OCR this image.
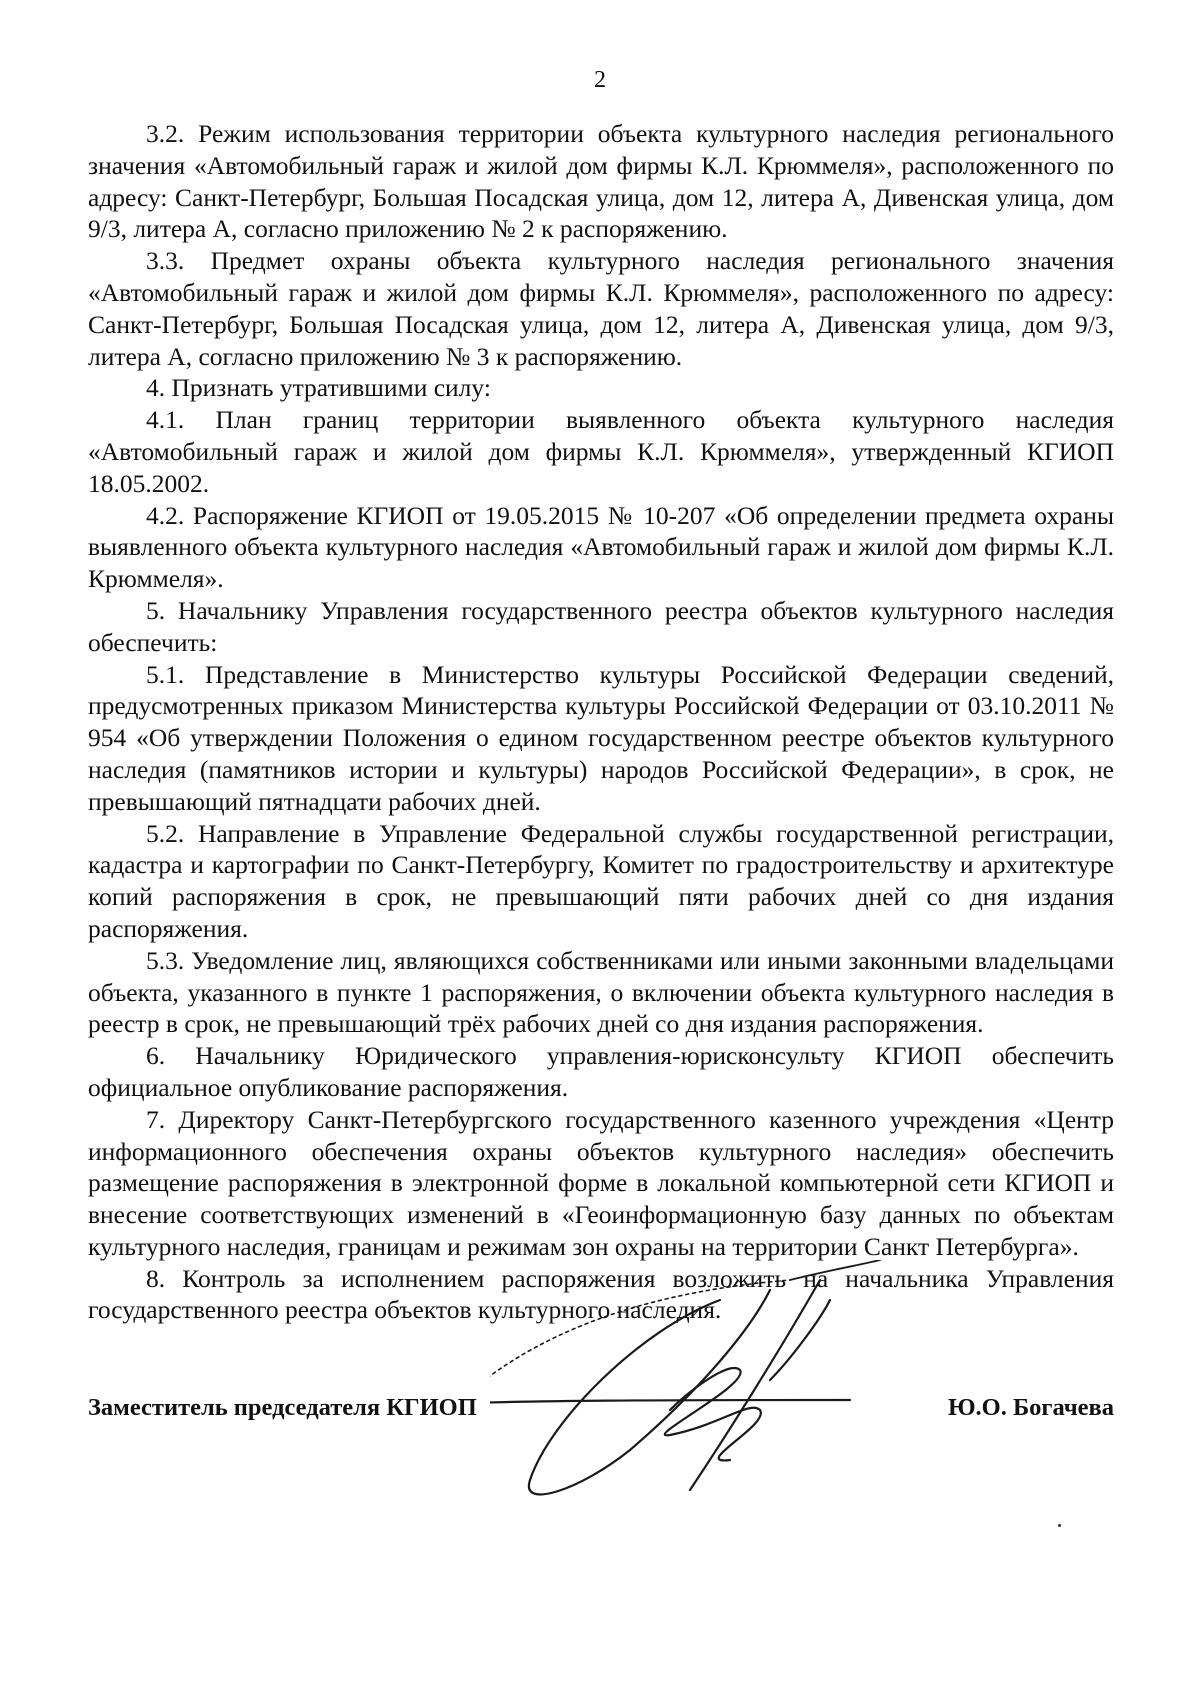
2

3.2. Режим использования территории объекта культурного наследия регионального значения «Автомобильный гараж и жилой дом фирмы К.Л. Крюммеля», расположенного по адресу: Санкт-Петербург, Большая Посадская улица, дом 12, литера А, Дивенская улица, дом 9/3, литера А, согласно приложению № 2 к распоряжению.

3.3. Предмет охраны объекта культурного наследия регионального значения «Автомобильный гараж и жилой дом фирмы К.Л. Крюммеля», расположенного по адресу: Санкт-Петербург, Большая Посадская улица, дом 12, литера А, Дивенская улица, дом 9/3, литера А, согласно приложению № 3 к распоряжению.

4. Признать утратившими силу:

4.1. План границ территории выявленного объекта культурного наследия «Автомобильный гараж и жилой дом фирмы К.Л. Крюммеля», утвержденный КГИОП 18.05.2002.

4.2. Распоряжение КГИОП от 19.05.2015 № 10-207 «Об определении предмета охраны выявленного объекта культурного наследия «Автомобильный гараж и жилой дом фирмы К.Л. Крюммеля».

5. Начальнику Управления государственного реестра объектов культурного наследия обеспечить:

5.1. Представление в Министерство культуры Российской Федерации сведений, предусмотренных приказом Министерства культуры Российской Федерации от 03.10.2011 № 954 «Об утверждении Положения о едином государственном реестре объектов культурного наследия (памятников истории и культуры) народов Российской Федерации», в срок, не превышающий пятнадцати рабочих дней.

5.2. Направление в Управление Федеральной службы государственной регистрации, кадастра и картографии по Санкт-Петербургу, Комитет по градостроительству и архитектуре копий распоряжения в срок, не превышающий пяти рабочих дней со дня издания распоряжения.

5.3. Уведомление лиц, являющихся собственниками или иными законными владельцами объекта, указанного в пункте 1 распоряжения, о включении объекта культурного наследия в реестр в срок, не превышающий трёх рабочих дней со дня издания распоряжения.

6. Начальнику Юридического управления-юрисконсульту КГИОП обеспечить официальное опубликование распоряжения.

7. Директору Санкт-Петербургского государственного казенного учреждения «Центр информационного обеспечения охраны объектов культурного наследия» обеспечить размещение распоряжения в электронной форме в локальной компьютерной сети КГИОП и внесение соответствующих изменений в «Геоинформационную базу данных по объектам культурного наследия, границам и режимам зон охраны на территории Санкт Петербурга».

8. Контроль за исполнением распоряжения возложить на начальника Управления государственного реестра объектов культурного наследия.

Заместитель председателя КГИОП	Ю.О. Богачева
